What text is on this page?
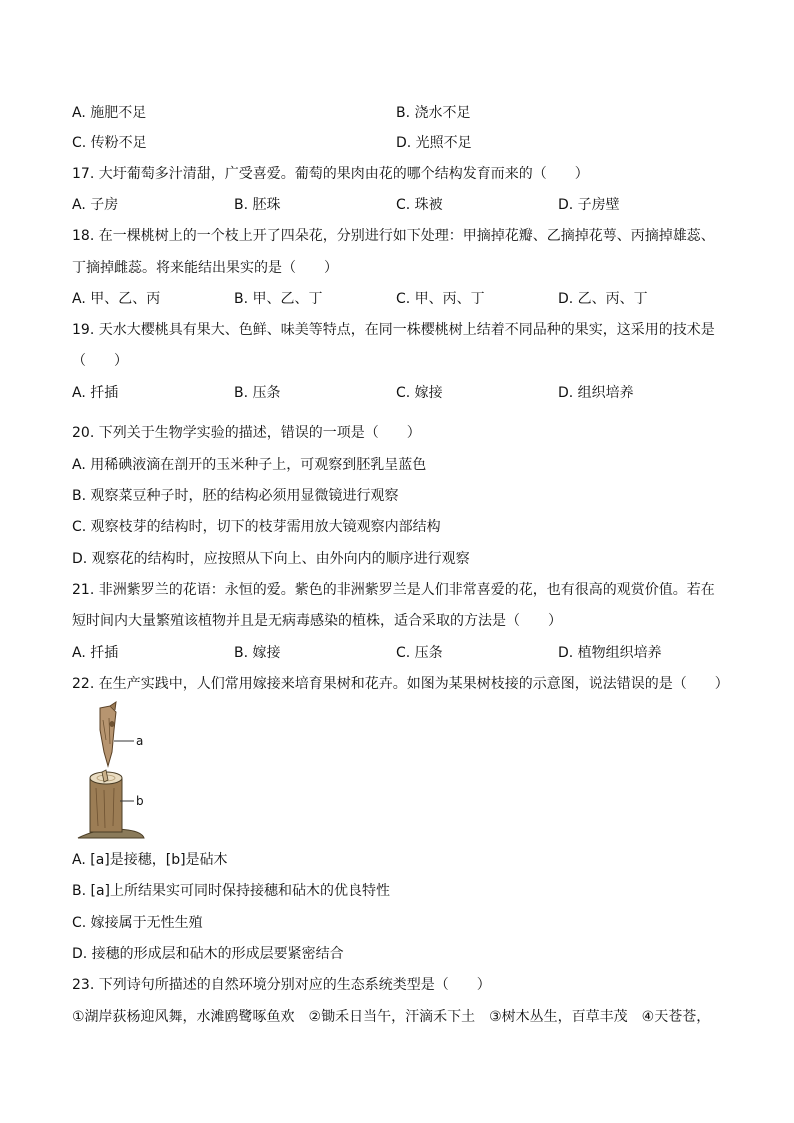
A. 施肥不足	B. 浇水不足
C. 传粉不足	D. 光照不足
17. 大圩葡萄多汁清甜，广受喜爱。葡萄的果肉由花的哪个结构发育而来的（　　）
A. 子房	B. 胚珠	C. 珠被	D. 子房壁
18. 在一棵桃树上的一个枝上开了四朵花，分别进行如下处理：甲摘掉花瓣、乙摘掉花萼、丙摘掉雄蕊、
丁摘掉雌蕊。将来能结出果实的是（　　）
A. 甲、乙、丙	B. 甲、乙、丁	C. 甲、丙、丁	D. 乙、丙、丁
19. 天水大樱桃具有果大、色鲜、味美等特点，在同一株樱桃树上结着不同品种的果实，这采用的技术是
（　　）
A. 扦插	B. 压条	C. 嫁接	D. 组织培养
20. 下列关于生物学实验的描述，错误的一项是（　　）
A. 用稀碘液滴在剖开的玉米种子上，可观察到胚乳呈蓝色
B. 观察菜豆种子时，胚的结构必须用显微镜进行观察
C. 观察枝芽的结构时，切下的枝芽需用放大镜观察内部结构
D. 观察花的结构时，应按照从下向上、由外向内的顺序进行观察
21. 非洲紫罗兰的花语：永恒的爱。紫色的非洲紫罗兰是人们非常喜爱的花，也有很高的观赏价值。若在
短时间内大量繁殖该植物并且是无病毒感染的植株，适合采取的方法是（　　）
A. 扦插	B. 嫁接	C. 压条	D. 植物组织培养
22. 在生产实践中，人们常用嫁接来培育果树和花卉。如图为某果树枝接的示意图，说法错误的是（　　）
a
b
A. [a]是接穗，[b]是砧木
B. [a]上所结果实可同时保持接穗和砧木的优良特性
C. 嫁接属于无性生殖
D. 接穗的形成层和砧木的形成层要紧密结合
23. 下列诗句所描述的自然环境分别对应的生态系统类型是（　　）
①湖岸荻杨迎风舞，水滩鸥鹭啄鱼欢　②锄禾日当午，汗滴禾下土　③树木丛生，百草丰茂　④天苍苍，
